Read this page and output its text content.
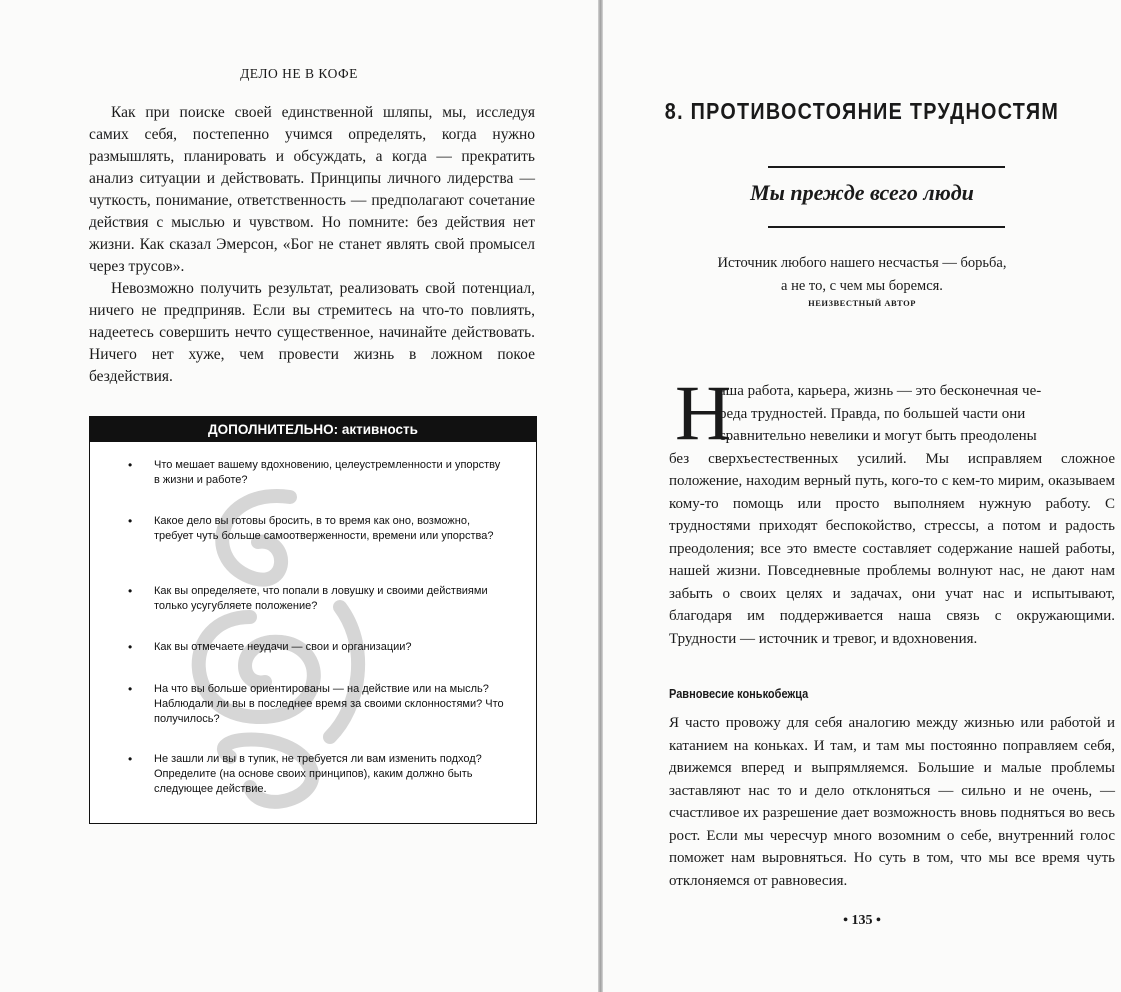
ДЕЛО НЕ В КОФЕ

Как при поиске своей единственной шляпы, мы, исследуя самих себя, постепенно учимся определять, когда нужно размышлять, планировать и обсуждать, а когда — прекратить анализ ситуации и действовать. Принципы личного лидерства — чуткость, понимание, ответственность — предполагают сочетание действия с мыслью и чувством. Но помните: без действия нет жизни. Как сказал Эмерсон, «Бог не станет являть свой промысел через трусов».

Невозможно получить результат, реализовать свой потенциал, ничего не предприняв. Если вы стремитесь на что-то повлиять, надеетесь совершить нечто существенное, начинайте действовать. Ничего нет хуже, чем провести жизнь в ложном покое бездействия.

ДОПОЛНИТЕЛЬНО: активность
• Что мешает вашему вдохновению, целеустремленности и упорству в жизни и работе?
• Какое дело вы готовы бросить, в то время как оно, возможно, требует чуть больше самоотверженности, времени или упорства?
• Как вы определяете, что попали в ловушку и своими действиями только усугубляете положение?
• Как вы отмечаете неудачи — свои и организации?
• На что вы больше ориентированы — на действие или на мысль? Наблюдали ли вы в последнее время за своими склонностями? Что получилось?
• Не зашли ли вы в тупик, не требуется ли вам изменить подход? Определите (на основе своих принципов), каким должно быть следующее действие.
8. ПРОТИВОСТОЯНИЕ ТРУДНОСТЯМ
Мы прежде всего люди
Источник любого нашего несчастья — борьба,
а не то, с чем мы боремся.
НЕИЗВЕСТНЫЙ АВТОР
Н
аша работа, карьера, жизнь — это бесконечная че-
реда трудностей. Правда, по большей части они
сравнительно невелики и могут быть преодолены

без сверхъестественных усилий. Мы исправляем сложное положение, находим верный путь, кого-то с кем-то мирим, оказываем кому-то помощь или просто выполняем нужную работу. С трудностями приходят беспокойство, стрессы, а потом и радость преодоления; все это вместе составляет содержание нашей работы, нашей жизни. Повседневные проблемы волнуют нас, не дают нам забыть о своих целях и задачах, они учат нас и испытывают, благодаря им поддерживается наша связь с окружающими. Трудности — источник и тревог, и вдохновения.

Равновесие конькобежца

Я часто провожу для себя аналогию между жизнью или работой и катанием на коньках. И там, и там мы постоянно поправляем себя, движемся вперед и выпрямляемся. Большие и малые проблемы заставляют нас то и дело отклоняться — сильно и не очень, — счастливое их разрешение дает возможность вновь подняться во весь рост. Если мы чересчур много возомним о себе, внутренний голос поможет нам выровняться. Но суть в том, что мы все время чуть отклоняемся от равновесия.

• 135 •
